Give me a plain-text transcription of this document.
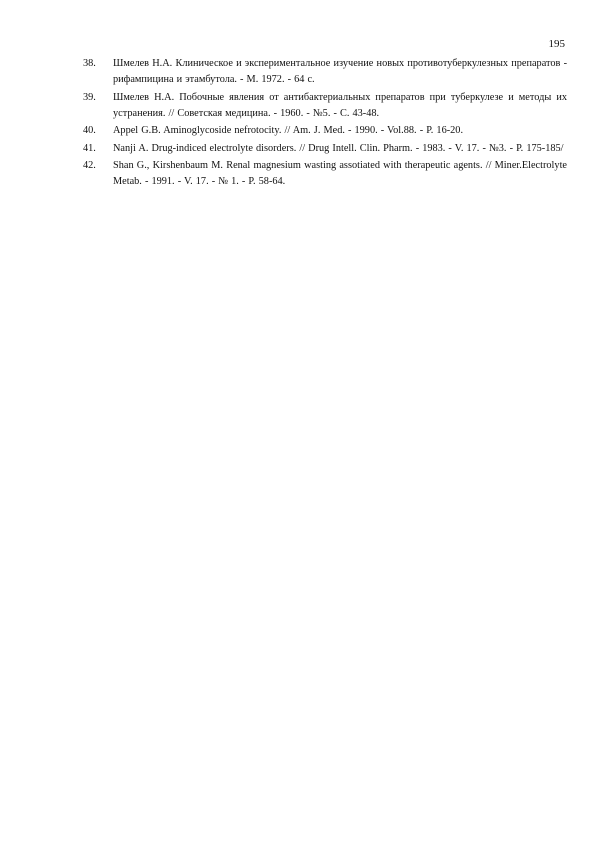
195
38. Шмелев Н.А. Клиническое и экспериментальное изучение новых противотуберкулезных препаратов - рифампицина и этамбутола. - М. 1972. - 64 с.
39. Шмелев Н.А. Побочные явления от антибактериальных препаратов при туберкулезе и методы их устранения. // Советская медицина. - 1960. - №5. - С. 43-48.
40. Appel G.B. Aminoglycoside nefrotocity. // Am. J. Med. - 1990. - Vol.88. - P. 16-20.
41. Nanji A. Drug-indiced electrolyte disorders. // Drug Intell. Clin. Pharm. - 1983. - V. 17. - №3. - P. 175-185/
42. Shan G., Kirshenbaum M. Renal magnesium wasting assotiated with therapeutic agents. // Miner.Electrolyte Metab. - 1991. - V. 17. - № 1. - P. 58-64.
